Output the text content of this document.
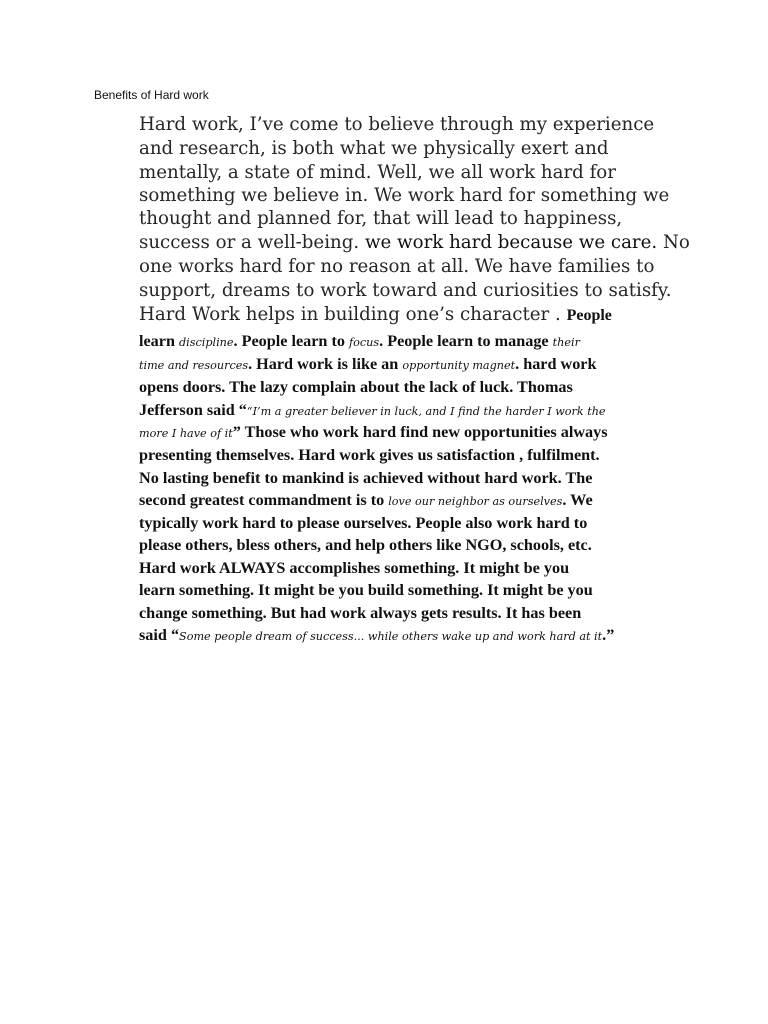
Benefits of Hard work
Hard work, I’ve come to believe through my experience
and research, is both what we physically exert and
mentally, a state of mind. Well, we all work hard for
something we believe in. We work hard for something we
thought and planned for, that will lead to happiness,
success or a well-being. we work hard because we care. No
one works hard for no reason at all. We have families to
support, dreams to work toward and curiosities to satisfy.
Hard Work helps in building one’s character . People
learn discipline. People learn to focus. People learn to manage their
time and resources. Hard work is like an opportunity magnet. hard work
opens doors. The lazy complain about the lack of luck. Thomas
Jefferson said ““I’m a greater believer in luck, and I find the harder I work the
more I have of it” Those who work hard find new opportunities always
presenting themselves. Hard work gives us satisfaction , fulfilment.
No lasting benefit to mankind is achieved without hard work. The
second greatest commandment is to love our neighbor as ourselves. We
typically work hard to please ourselves. People also work hard to
please others, bless others, and help others like NGO, schools, etc.
Hard work ALWAYS accomplishes something. It might be you
learn something. It might be you build something. It might be you
change something. But had work always gets results. It has been
said “Some people dream of success... while others wake up and work hard at it.”
